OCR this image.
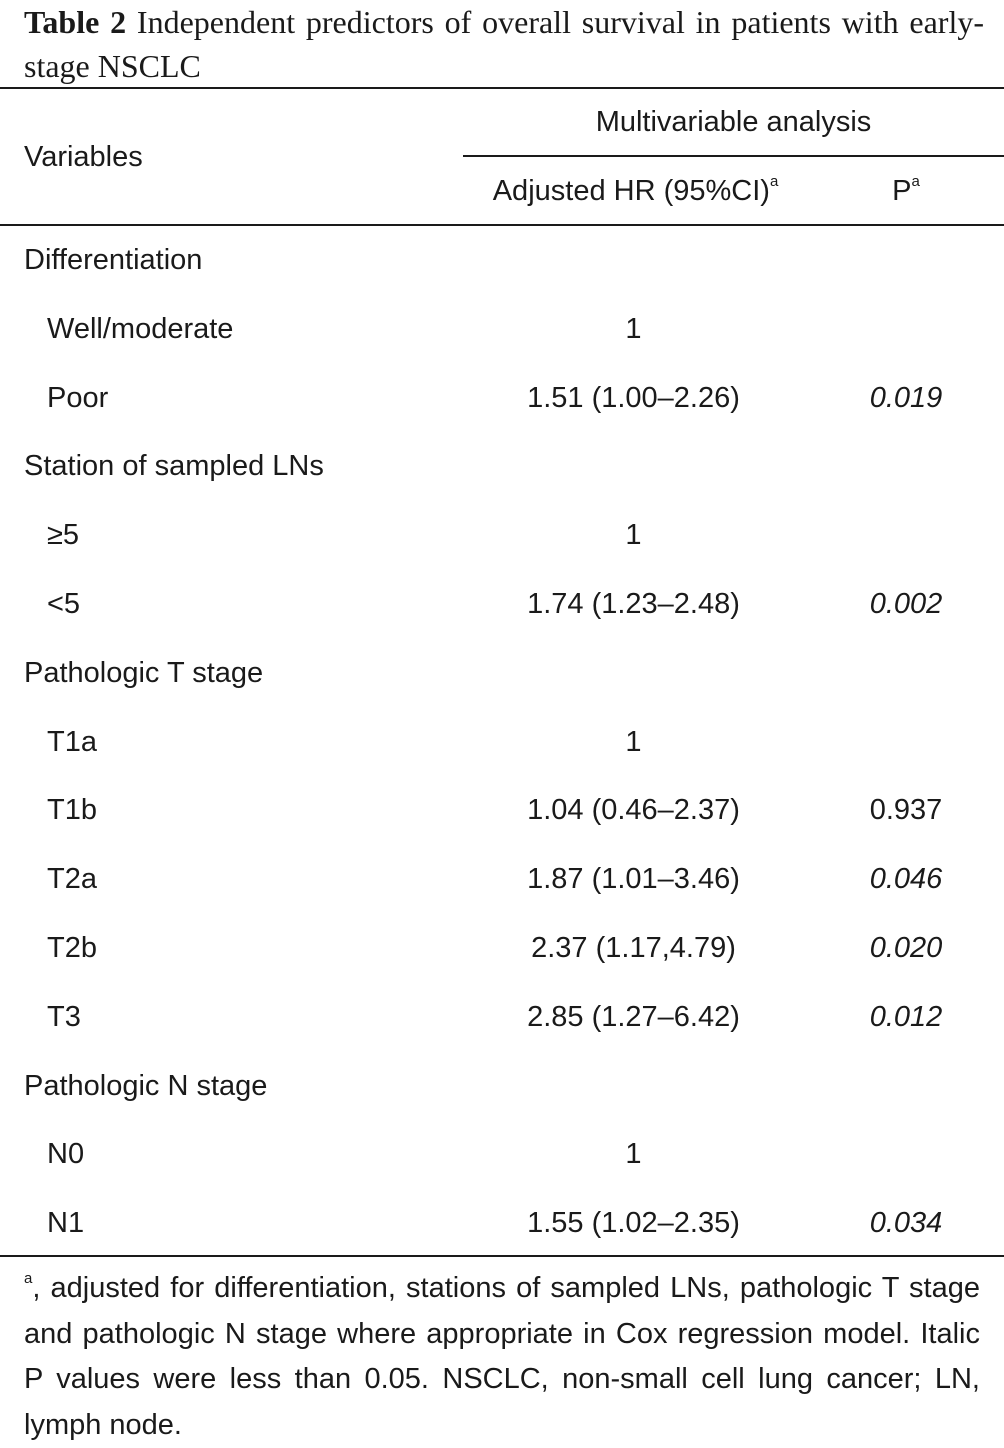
Table 2 Independent predictors of overall survival in patients with early-stage NSCLC
Variables
Multivariable analysis
Adjusted HR $(95\%CI)^a$	$P^a$
Differentiation
Well/moderate	1
Poor	1.51 (1.00–2.26)	0.019
Station of sampled LNs
≥5	1
<5	1.74 (1.23–2.48)	0.002
Pathologic T stage
T1a	1
T1b	1.04 (0.46–2.37)	0.937
T2a	1.87 (1.01–3.46)	0.046
T2b	2.37 (1.17,4.79)	0.020
T3	2.85 (1.27–6.42)	0.012
Pathologic N stage
N0	1
N1	1.55 (1.02–2.35)	0.034
$^a$, adjusted for differentiation, stations of sampled LNs, pathologic T stage and pathologic N stage where appropriate in Cox regression model. Italic P values were less than 0.05. NSCLC, non-small cell lung cancer; LN, lymph node.
